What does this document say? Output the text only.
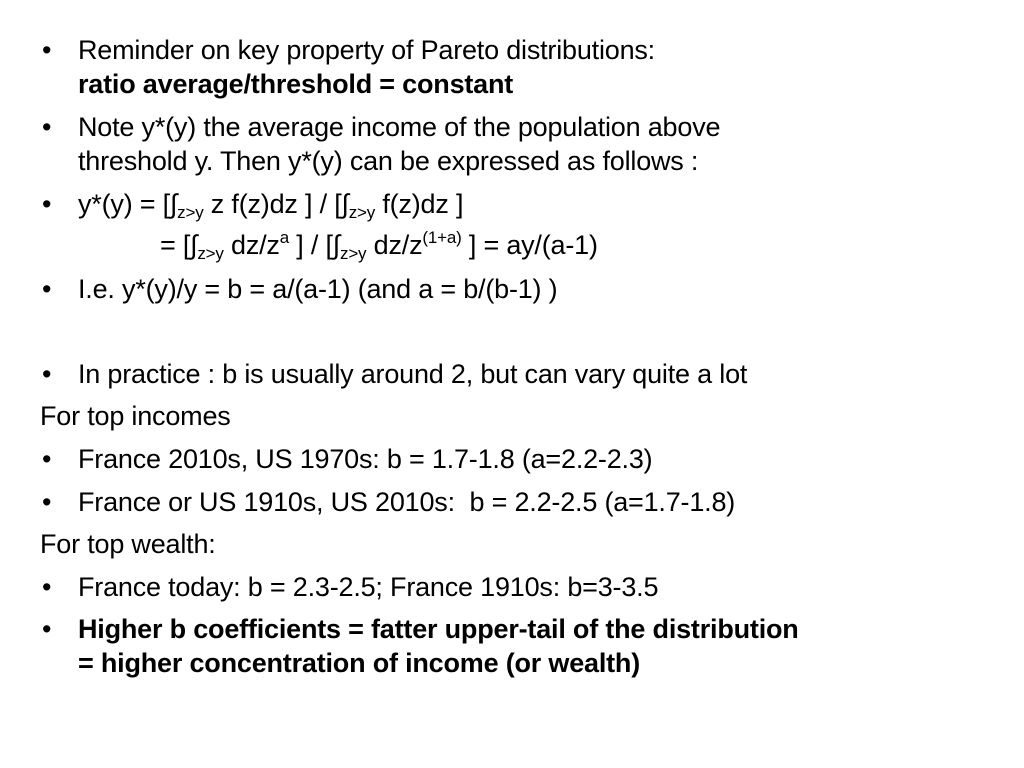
• Reminder on key property of Pareto distributions:
ratio average/threshold = constant
• Note y*(y) the average income of the population above
threshold y. Then y*(y) can be expressed as follows :
• $y*(y) = [\int_{z>y}$ z f(z)dz ] / [$\int_{z>y}$ f(z)dz ]
= [$\int_{z>y}$ $dz/z^a$ ] / [$\int_{z>y}$ $dz/z^{(1+a)}$ ] = ay/(a-1)
• I.e. y*(y)/y = b = a/(a-1) (and a = b/(b-1) )
• In practice : b is usually around 2, but can vary quite a lot
For top incomes
• France 2010s, US 1970s: b = 1.7-1.8 (a=2.2-2.3)
• France or US 1910s, US 2010s:  b = 2.2-2.5 (a=1.7-1.8)
For top wealth:
• France today: b = 2.3-2.5; France 1910s: b=3-3.5
• Higher b coefficients = fatter upper-tail of the distribution
= higher concentration of income (or wealth)
